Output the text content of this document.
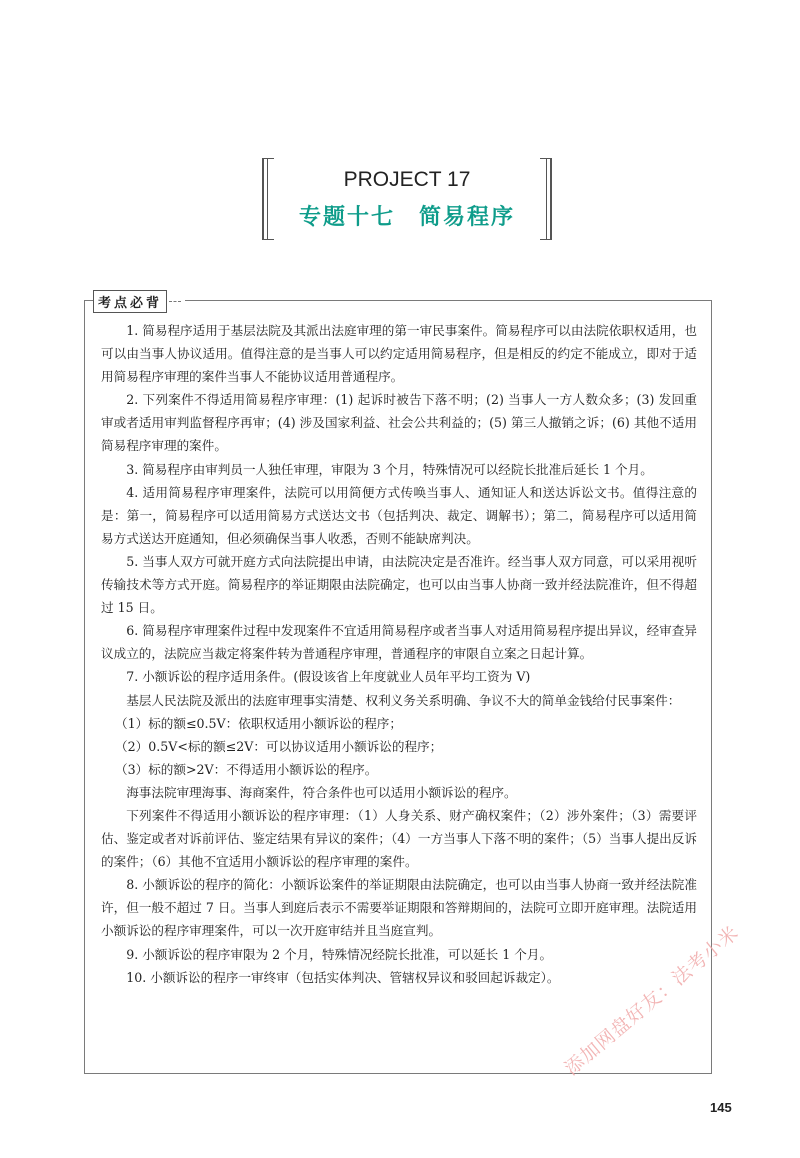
PROJECT 17
专题十七　简易程序
考点必背

1. 简易程序适用于基层法院及其派出法庭审理的第一审民事案件。简易程序可以由法院依职权适用，也可以由当事人协议适用。值得注意的是当事人可以约定适用简易程序，但是相反的约定不能成立，即对于适用简易程序审理的案件当事人不能协议适用普通程序。

2. 下列案件不得适用简易程序审理：(1) 起诉时被告下落不明；(2) 当事人一方人数众多；(3) 发回重审或者适用审判监督程序再审；(4) 涉及国家利益、社会公共利益的；(5) 第三人撤销之诉；(6) 其他不适用简易程序审理的案件。

3. 简易程序由审判员一人独任审理，审限为 3 个月，特殊情况可以经院长批准后延长 1 个月。

4. 适用简易程序审理案件，法院可以用简便方式传唤当事人、通知证人和送达诉讼文书。值得注意的是：第一，简易程序可以适用简易方式送达文书（包括判决、裁定、调解书）；第二，简易程序可以适用简易方式送达开庭通知，但必须确保当事人收悉，否则不能缺席判决。

5. 当事人双方可就开庭方式向法院提出申请，由法院决定是否准许。经当事人双方同意，可以采用视听传输技术等方式开庭。简易程序的举证期限由法院确定，也可以由当事人协商一致并经法院准许，但不得超过 15 日。

6. 简易程序审理案件过程中发现案件不宜适用简易程序或者当事人对适用简易程序提出异议，经审查异议成立的，法院应当裁定将案件转为普通程序审理，普通程序的审限自立案之日起计算。

7. 小额诉讼的程序适用条件。(假设该省上年度就业人员年平均工资为 V)

基层人民法院及派出的法庭审理事实清楚、权利义务关系明确、争议不大的简单金钱给付民事案件：

（1）标的额≤0.5V：依职权适用小额诉讼的程序；

（2）0.5V<标的额≤2V：可以协议适用小额诉讼的程序；

（3）标的额>2V：不得适用小额诉讼的程序。

海事法院审理海事、海商案件，符合条件也可以适用小额诉讼的程序。

下列案件不得适用小额诉讼的程序审理：（1）人身关系、财产确权案件；（2）涉外案件；（3）需要评估、鉴定或者对诉前评估、鉴定结果有异议的案件；（4）一方当事人下落不明的案件；（5）当事人提出反诉的案件；（6）其他不宜适用小额诉讼的程序审理的案件。

8. 小额诉讼的程序的简化：小额诉讼案件的举证期限由法院确定，也可以由当事人协商一致并经法院准许，但一般不超过 7 日。当事人到庭后表示不需要举证期限和答辩期间的，法院可立即开庭审理。法院适用小额诉讼的程序审理案件，可以一次开庭审结并且当庭宣判。

9. 小额诉讼的程序审限为 2 个月，特殊情况经院长批准，可以延长 1 个月。

10. 小额诉讼的程序一审终审（包括实体判决、管辖权异议和驳回起诉裁定）。

145
添加网盘好友：法考小米
